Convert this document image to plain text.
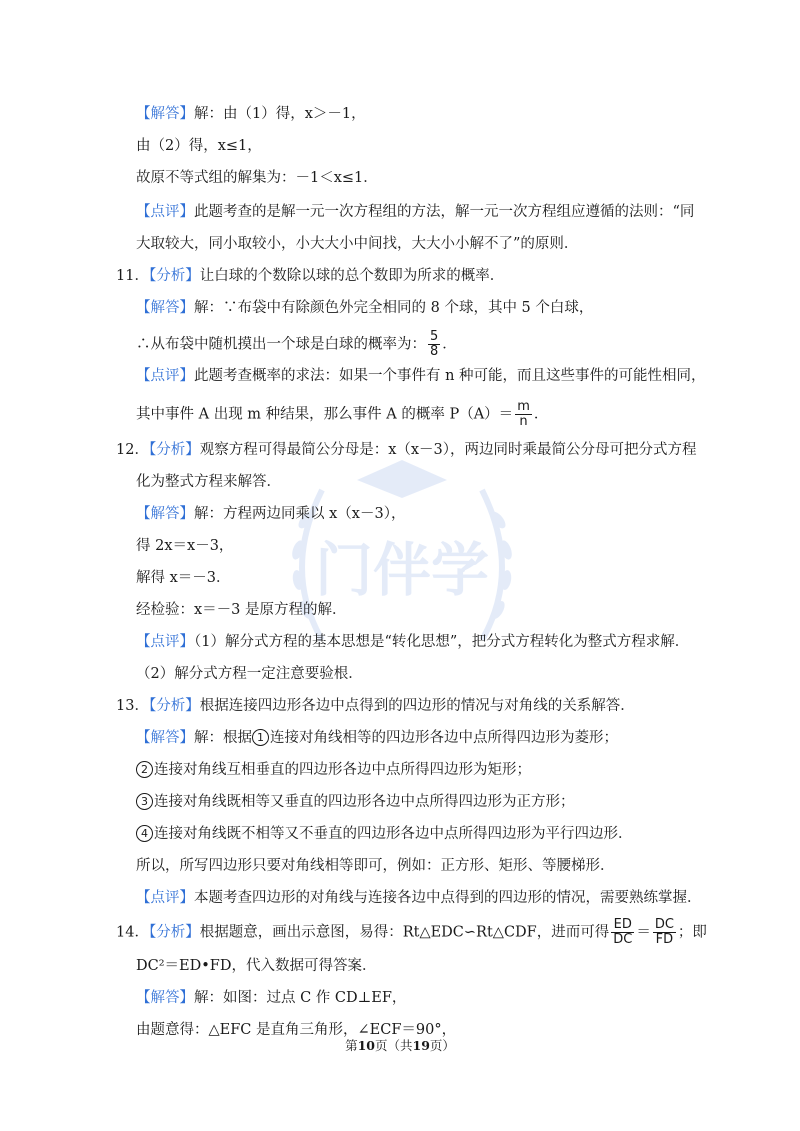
门伴学
【解答】解：由（1）得，x＞－1，
由（2）得，x≤1，
故原不等式组的解集为：－1＜x≤1．
【点评】此题考查的是解一元一次方程组的方法，解一元一次方程组应遵循的法则：“同
大取较大，同小取较小，小大大小中间找，大大小小解不了”的原则．
11．【分析】让白球的个数除以球的总个数即为所求的概率．
【解答】解：∵布袋中有除颜色外完全相同的 8 个球，其中 5 个白球，
∴从布袋中随机摸出一个球是白球的概率为： $\frac{5}{8}$ ．
【点评】此题考查概率的求法：如果一个事件有 n 种可能，而且这些事件的可能性相同，
其中事件 A 出现 m 种结果，那么事件 A 的概率 $P(A)= \frac{m}{n}$ ．
12．【分析】观察方程可得最简公分母是：x（x－3），两边同时乘最简公分母可把分式方程
化为整式方程来解答．
【解答】解：方程两边同乘以 x（x－3），
得 2x＝x－3，
解得 x＝－3．
经检验：x＝－3 是原方程的解．
【点评】（1）解分式方程的基本思想是“转化思想”，把分式方程转化为整式方程求解．
（2）解分式方程一定注意要验根．
13．【分析】根据连接四边形各边中点得到的四边形的情况与对角线的关系解答．
【解答】解：根据 1 连接对角线相等的四边形各边中点所得四边形为菱形；
2 连接对角线互相垂直的四边形各边中点所得四边形为矩形；
3 连接对角线既相等又垂直的四边形各边中点所得四边形为正方形；
4 连接对角线既不相等又不垂直的四边形各边中点所得四边形为平行四边形．
所以，所写四边形只要对角线相等即可，例如：正方形、矩形、等腰梯形．
【点评】本题考查四边形的对角线与连接各边中点得到的四边形的情况，需要熟练掌握．
14．【分析】根据题意，画出示意图，易得：Rt△EDC∽Rt△CDF，进而可得 $\frac{ED}{DC} = \frac{DC}{FD}$ ；即
DC²＝ED•FD，代入数据可得答案．
【解答】解：如图：过点 C 作 CD⊥EF，
由题意得：△EFC 是直角三角形，∠ECF＝90°，
第10页（共19页）
